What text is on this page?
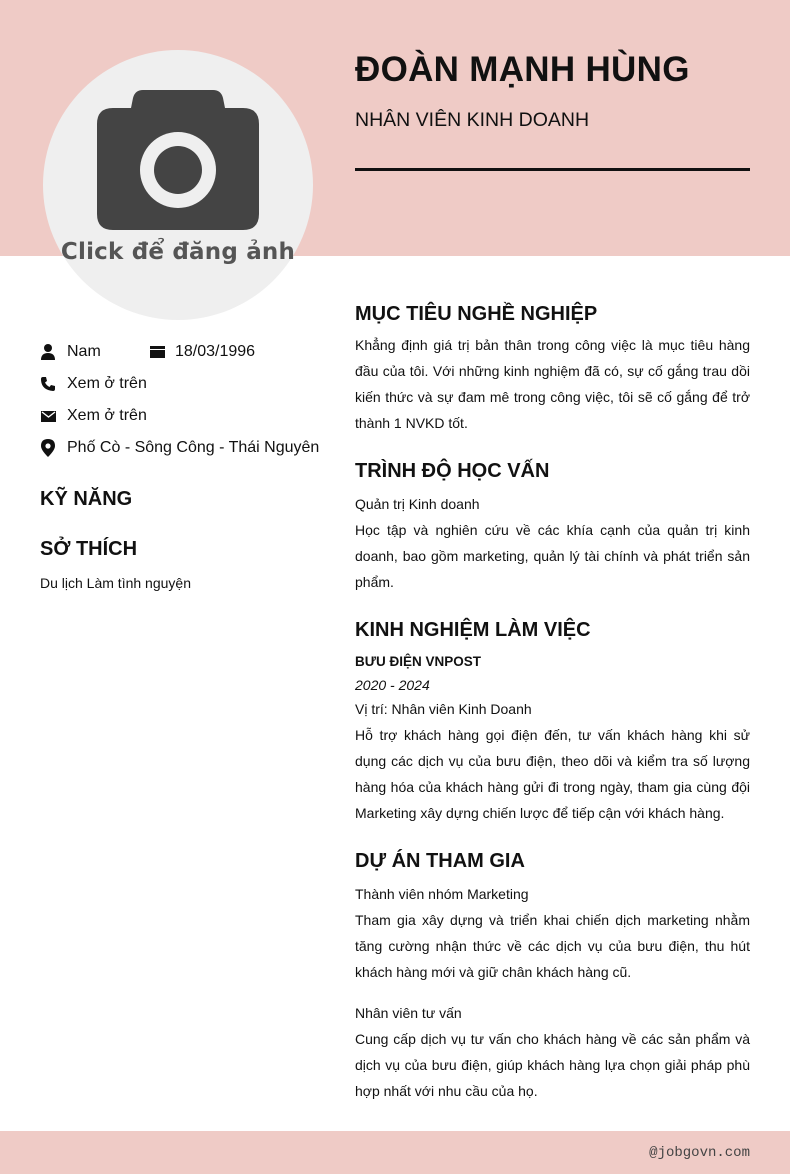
Click để đăng ảnh
ĐOÀN MẠNH HÙNG
NHÂN VIÊN KINH DOANH
Nam	18/03/1996
Xem ở trên
Xem ở trên
Phố Cò - Sông Công - Thái Nguyên
KỸ NĂNG
SỞ THÍCH
Du lịch Làm tình nguyện
MỤC TIÊU NGHỀ NGHIỆP
Khẳng định giá trị bản thân trong công việc là mục tiêu hàng đầu của tôi. Với những kinh nghiệm đã có, sự cố gắng trau dồi kiến thức và sự đam mê trong công việc, tôi sẽ cố gắng để trở thành 1 NVKD tốt.
TRÌNH ĐỘ HỌC VẤN
Quản trị Kinh doanh
Học tập và nghiên cứu về các khía cạnh của quản trị kinh doanh, bao gồm marketing, quản lý tài chính và phát triển sản phẩm.
KINH NGHIỆM LÀM VIỆC
BƯU ĐIỆN VNPOST
2020 - 2024
Vị trí: Nhân viên Kinh Doanh
Hỗ trợ khách hàng gọi điện đến, tư vấn khách hàng khi sử dụng các dịch vụ của bưu điện, theo dõi và kiểm tra số lượng hàng hóa của khách hàng gửi đi trong ngày, tham gia cùng đội Marketing xây dựng chiến lược để tiếp cận với khách hàng.
DỰ ÁN THAM GIA
Thành viên nhóm Marketing
Tham gia xây dựng và triển khai chiến dịch marketing nhằm tăng cường nhận thức về các dịch vụ của bưu điện, thu hút khách hàng mới và giữ chân khách hàng cũ.
Nhân viên tư vấn
Cung cấp dịch vụ tư vấn cho khách hàng về các sản phẩm và dịch vụ của bưu điện, giúp khách hàng lựa chọn giải pháp phù hợp nhất với nhu cầu của họ.
@jobgovn.com
